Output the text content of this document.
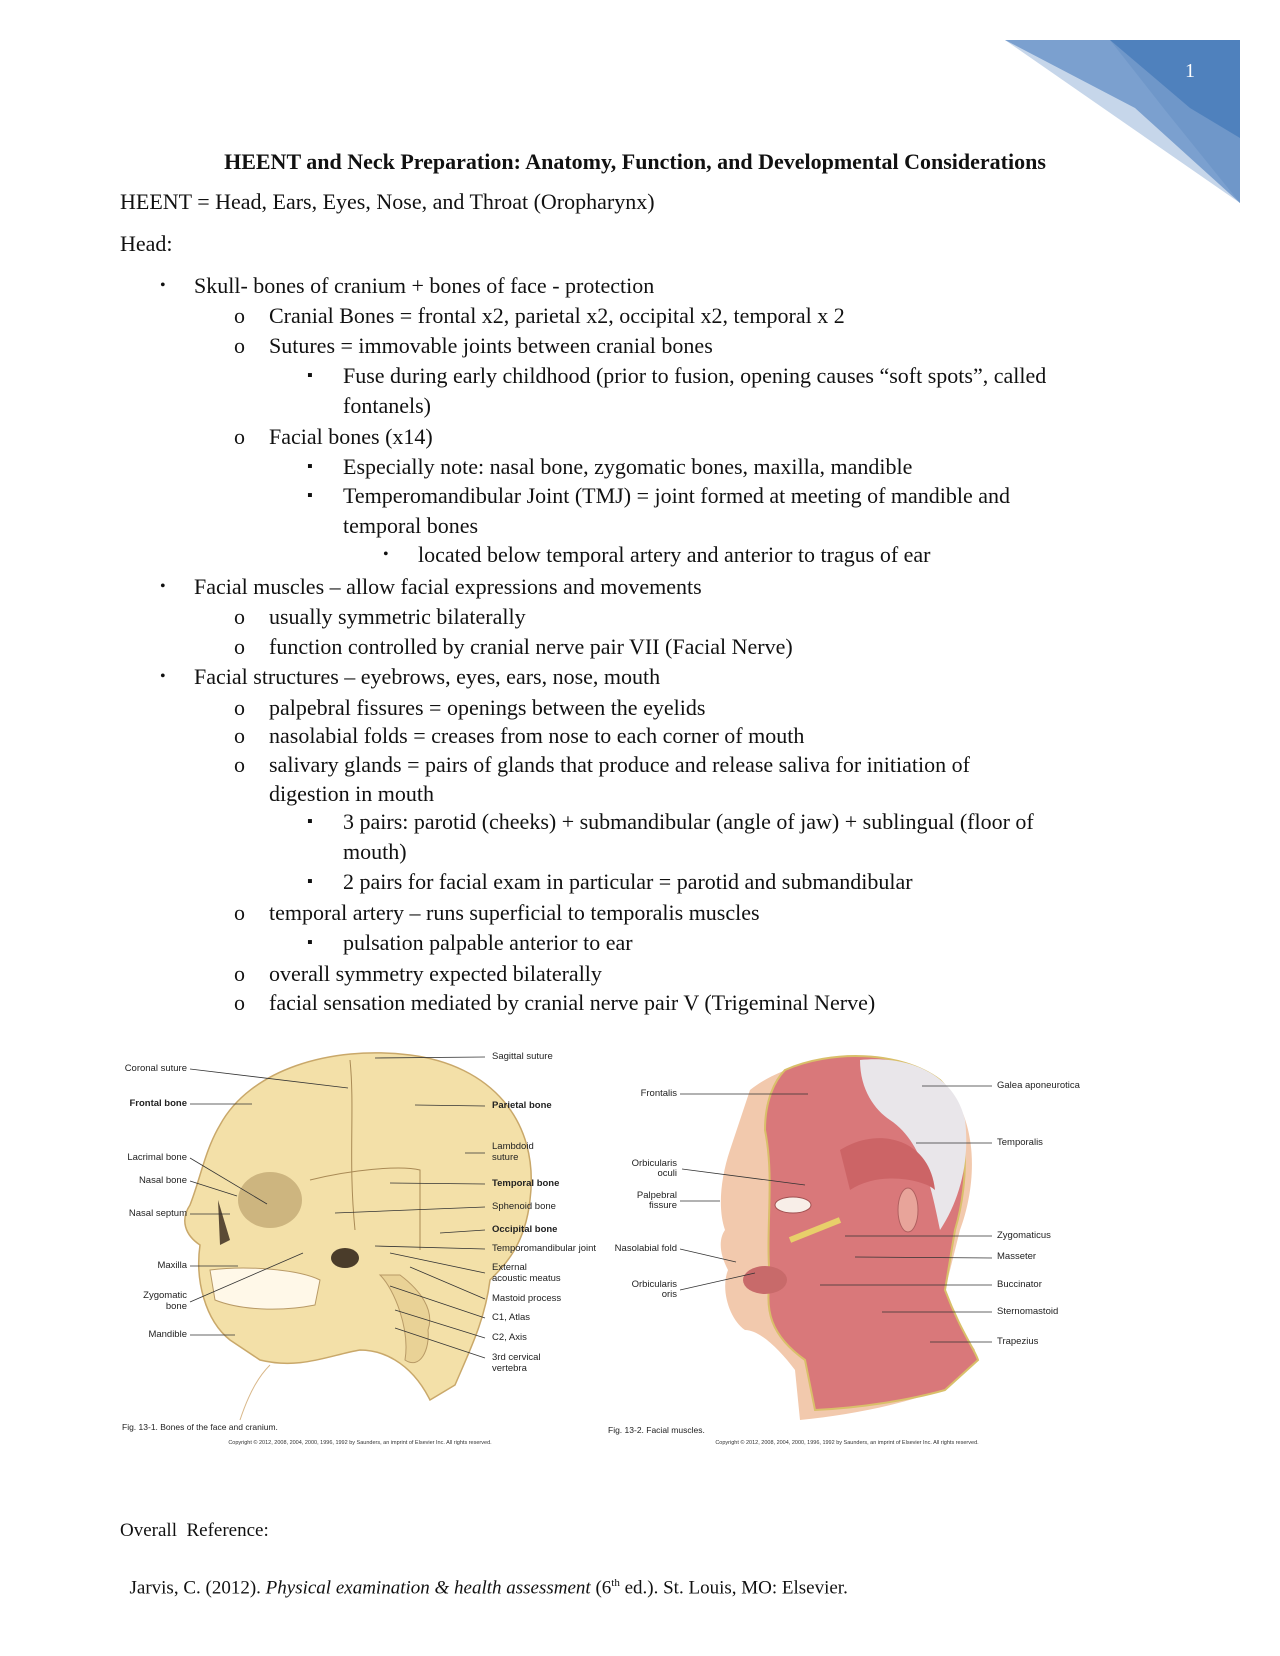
1
HEENT and Neck Preparation: Anatomy, Function, and Developmental Considerations
HEENT = Head, Ears, Eyes, Nose, and Throat (Oropharynx)
Head:
• Skull- bones of cranium + bones of face - protection
o Cranial Bones = frontal x2, parietal x2, occipital x2, temporal x 2
o Sutures = immovable joints between cranial bones
▪ Fuse during early childhood (prior to fusion, opening causes “soft spots”, called
fontanels)
o Facial bones (x14)
▪ Especially note: nasal bone, zygomatic bones, maxilla, mandible
▪ Temperomandibular Joint (TMJ) = joint formed at meeting of mandible and
temporal bones
• located below temporal artery and anterior to tragus of ear
• Facial muscles – allow facial expressions and movements
o usually symmetric bilaterally
o function controlled by cranial nerve pair VII (Facial Nerve)
• Facial structures – eyebrows, eyes, ears, nose, mouth
o palpebral fissures = openings between the eyelids
o nasolabial folds = creases from nose to each corner of mouth
o salivary glands = pairs of glands that produce and release saliva for initiation of
digestion in mouth
▪ 3 pairs: parotid (cheeks) + submandibular (angle of jaw) + sublingual (floor of
mouth)
▪ 2 pairs for facial exam in particular = parotid and submandibular
o temporal artery – runs superficial to temporalis muscles
▪ pulsation palpable anterior to ear
o overall symmetry expected bilaterally
o facial sensation mediated by cranial nerve pair V (Trigeminal Nerve)
Coronal suture
Frontal bone
Lacrimal bone
Nasal bone
Nasal septum
Maxilla
Zygomatic
bone
Mandible
Sagittal suture
Parietal bone
Lambdoid
suture
Temporal bone
Sphenoid bone
Occipital bone
Temporomandibular joint
External
acoustic meatus
Mastoid process
C1, Atlas
C2, Axis
3rd cervical
vertebra
Fig. 13-1. Bones of the face and cranium.
Copyright © 2012, 2008, 2004, 2000, 1996, 1992 by Saunders, an imprint of Elsevier Inc. All rights reserved.
Frontalis
Orbicularis
oculi
Palpebral
fissure
Nasolabial fold
Orbicularis
oris
Galea aponeurotica
Temporalis
Zygomaticus
Masseter
Buccinator
Sternomastoid
Trapezius
Fig. 13-2. Facial muscles.
Copyright © 2012, 2008, 2004, 2000, 1996, 1992 by Saunders, an imprint of Elsevier Inc. All rights reserved.
Overall  Reference:

Jarvis, C. (2012). Physical examination & health assessment (6th ed.). St. Louis, MO: Elsevier.
